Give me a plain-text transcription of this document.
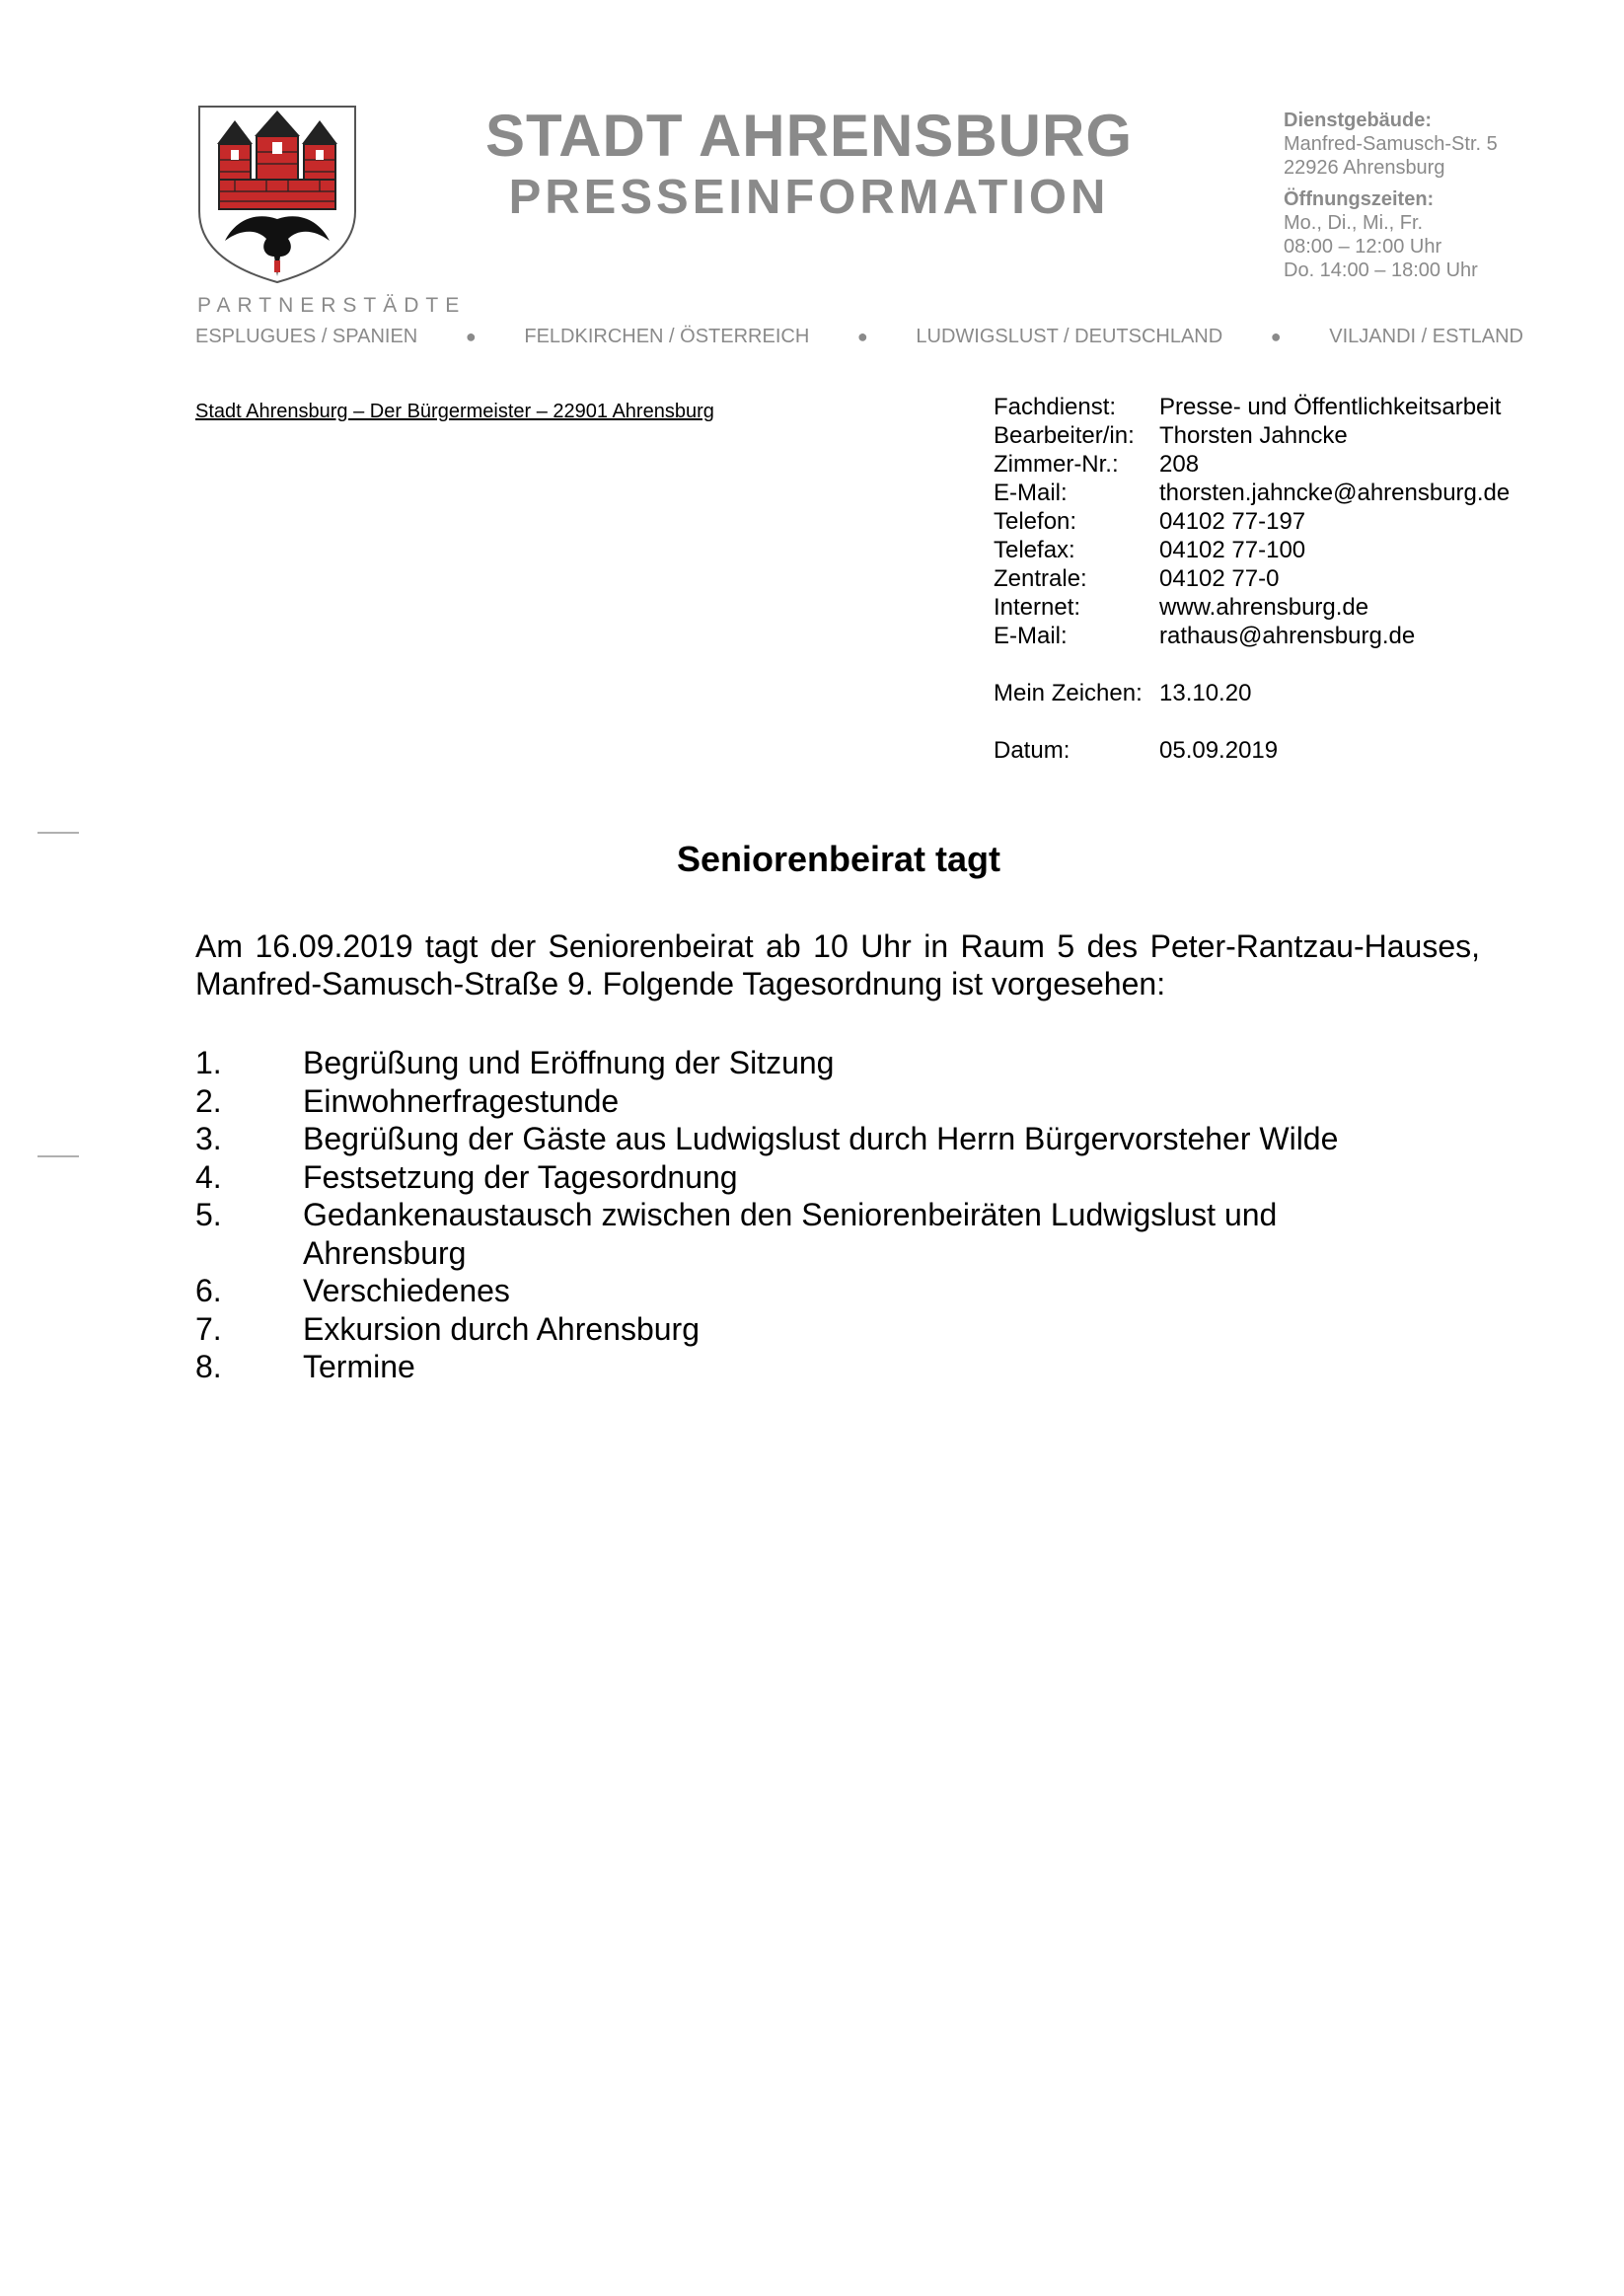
STADT AHRENSBURG
PRESSEINFORMATION
Dienstgebäude:
Manfred-Samusch-Str. 5
22926 Ahrensburg
Öffnungszeiten:
Mo., Di., Mi., Fr.
08:00 – 12:00 Uhr
Do. 14:00 – 18:00 Uhr
PARTNERSTÄDTE
ESPLUGUES / SPANIEN	● FELDKIRCHEN / ÖSTERREICH	● LUDWIGSLUST / DEUTSCHLAND	● VILJANDI / ESTLAND
Stadt Ahrensburg – Der Bürgermeister – 22901 Ahrensburg	Fachdienst:	Presse- und Öffentlichkeitsarbeit
Bearbeiter/in:	Thorsten Jahncke
Zimmer-Nr.:	208
E-Mail:	thorsten.jahncke@ahrensburg.de
Telefon:	04102 77-197
Telefax:	04102 77-100
Zentrale:	04102 77-0
Internet:	www.ahrensburg.de
E-Mail:	rathaus@ahrensburg.de

Mein Zeichen:	13.10.20

Datum:	05.09.2019
Seniorenbeirat tagt
Am 16.09.2019 tagt der Seniorenbeirat ab 10 Uhr in Raum 5 des Peter-Rantzau-Hauses, Manfred-Samusch-Straße 9. Folgende Tagesordnung ist vorgesehen:
1.	Begrüßung und Eröffnung der Sitzung
2.	Einwohnerfragestunde
3.	Begrüßung der Gäste aus Ludwigslust durch Herrn Bürgervorsteher Wilde
4.	Festsetzung der Tagesordnung
5.	Gedankenaustausch zwischen den Seniorenbeiräten Ludwigslust und Ahrensburg
6.	Verschiedenes
7.	Exkursion durch Ahrensburg
8.	Termine
